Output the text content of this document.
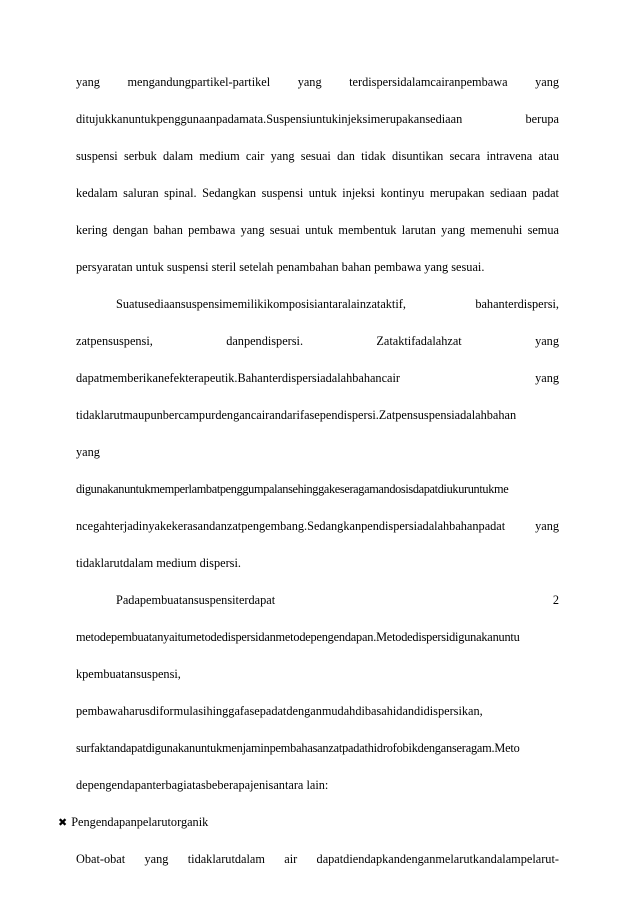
yang mengandungpartikel-partikel yang terdispersidalamcairanpembawa yang
ditujukkanuntukpenggunaanpadamata.Suspensiuntukinjeksimerupakansediaan	berupa
suspensi serbuk dalam medium cair yang sesuai dan tidak disuntikan secara intravena atau
kedalam saluran spinal. Sedangkan suspensi untuk injeksi kontinyu merupakan sediaan padat
kering dengan bahan pembawa yang sesuai untuk membentuk larutan yang memenuhi semua
persyaratan untuk suspensi steril setelah penambahan bahan pembawa yang sesuai.
Suatusediaansuspensimemilikikomposisiantaralainzataktif,	bahanterdispersi,
zatpensuspensi,	danpendispersi.	Zataktifadalahzat	yang
dapatmemberikanefekterapeutik.Bahanterdispersiadalahbahancair	yang
tidaklarutmaupunbercampurdengancairandarifasependispersi.Zatpensuspensiadalahbahan
yang
digunakanuntukmemperlambatpenggumpalansehinggakeseragamandosisdapatdiukuruntukme
ncegahterjadinyakekerasandanzatpengembang.Sedangkanpendispersiadalahbahanpadat yang
tidaklarutdalam medium dispersi.
Padapembuatansuspensiterdapat	2
metodepembuatanyaitumetodedispersidanmetodepengendapan.Metodedispersidigunakanuntu
kpembuatansuspensi,
pembawaharusdiformulasihinggafasepadatdenganmudahdibasahidandidispersikan,
surfaktandapatdigunakanuntukmenjaminpembahasanzatpadathidrofobikdenganseragam.Meto
depengendapanterbagiatasbeberapajenisantara lain:
✖ Pengendapanpelarutorganik
Obat-obat yang tidaklarutdalam air dapatdiendapkandenganmelarutkandalampelarut-
